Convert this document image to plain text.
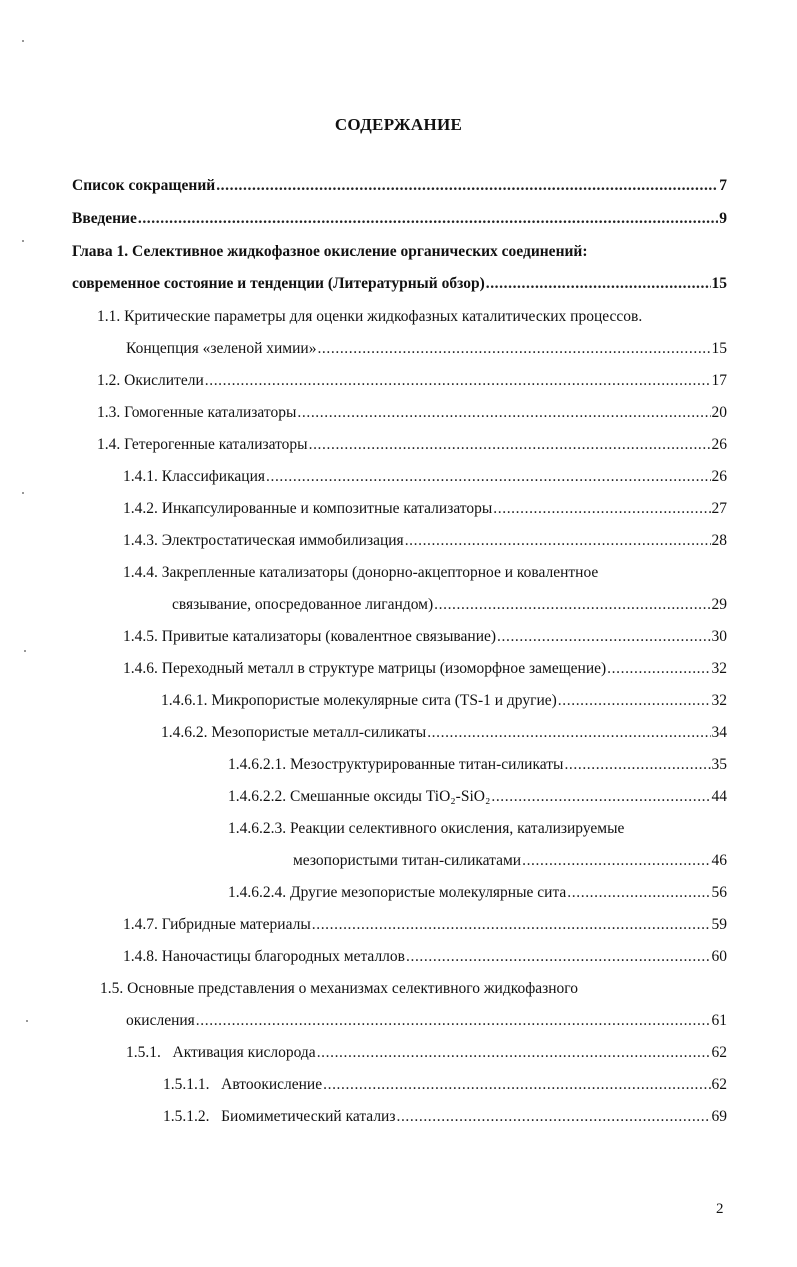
СОДЕРЖАНИЕ
Список сокращений .....	7
Введение .....	9
Глава 1. Селективное жидкофазное окисление органических соединений:
современное состояние и тенденции (Литературный обзор) .....	15
1.1. Критические параметры для оценки жидкофазных каталитических процессов.
Концепция «зеленой химии» .....	15
1.2. Окислители .....	17
1.3. Гомогенные катализаторы .....	20
1.4. Гетерогенные катализаторы .....	26
1.4.1. Классификация .....	26
1.4.2. Инкапсулированные и композитные катализаторы .....	27
1.4.3. Электростатическая иммобилизация .....	28
1.4.4. Закрепленные катализаторы (донорно-акцепторное и ковалентное
связывание, опосредованное лигандом) .....	29
1.4.5. Привитые катализаторы (ковалентное связывание) .....	30
1.4.6. Переходный металл в структуре матрицы (изоморфное замещение) .....	32
1.4.6.1. Микропористые молекулярные сита (TS-1 и другие) .....	32
1.4.6.2. Мезопористые металл-силикаты .....	34
1.4.6.2.1. Мезоструктурированные титан-силикаты .....	35
1.4.6.2.2. Смешанные оксиды TiO₂-SiO₂ .....	44
1.4.6.2.3. Реакции селективного окисления, катализируемые
мезопористыми титан-силикатами .....	46
1.4.6.2.4. Другие мезопористые молекулярные сита .....	56
1.4.7. Гибридные материалы .....	59
1.4.8. Наночастицы благородных металлов .....	60
1.5. Основные представления о механизмах селективного жидкофазного
окисления .....	61
1.5.1.   Активация кислорода .....	62
1.5.1.1.   Автоокисление .....	62
1.5.1.2.   Биомиметический катализ .....	69
2
